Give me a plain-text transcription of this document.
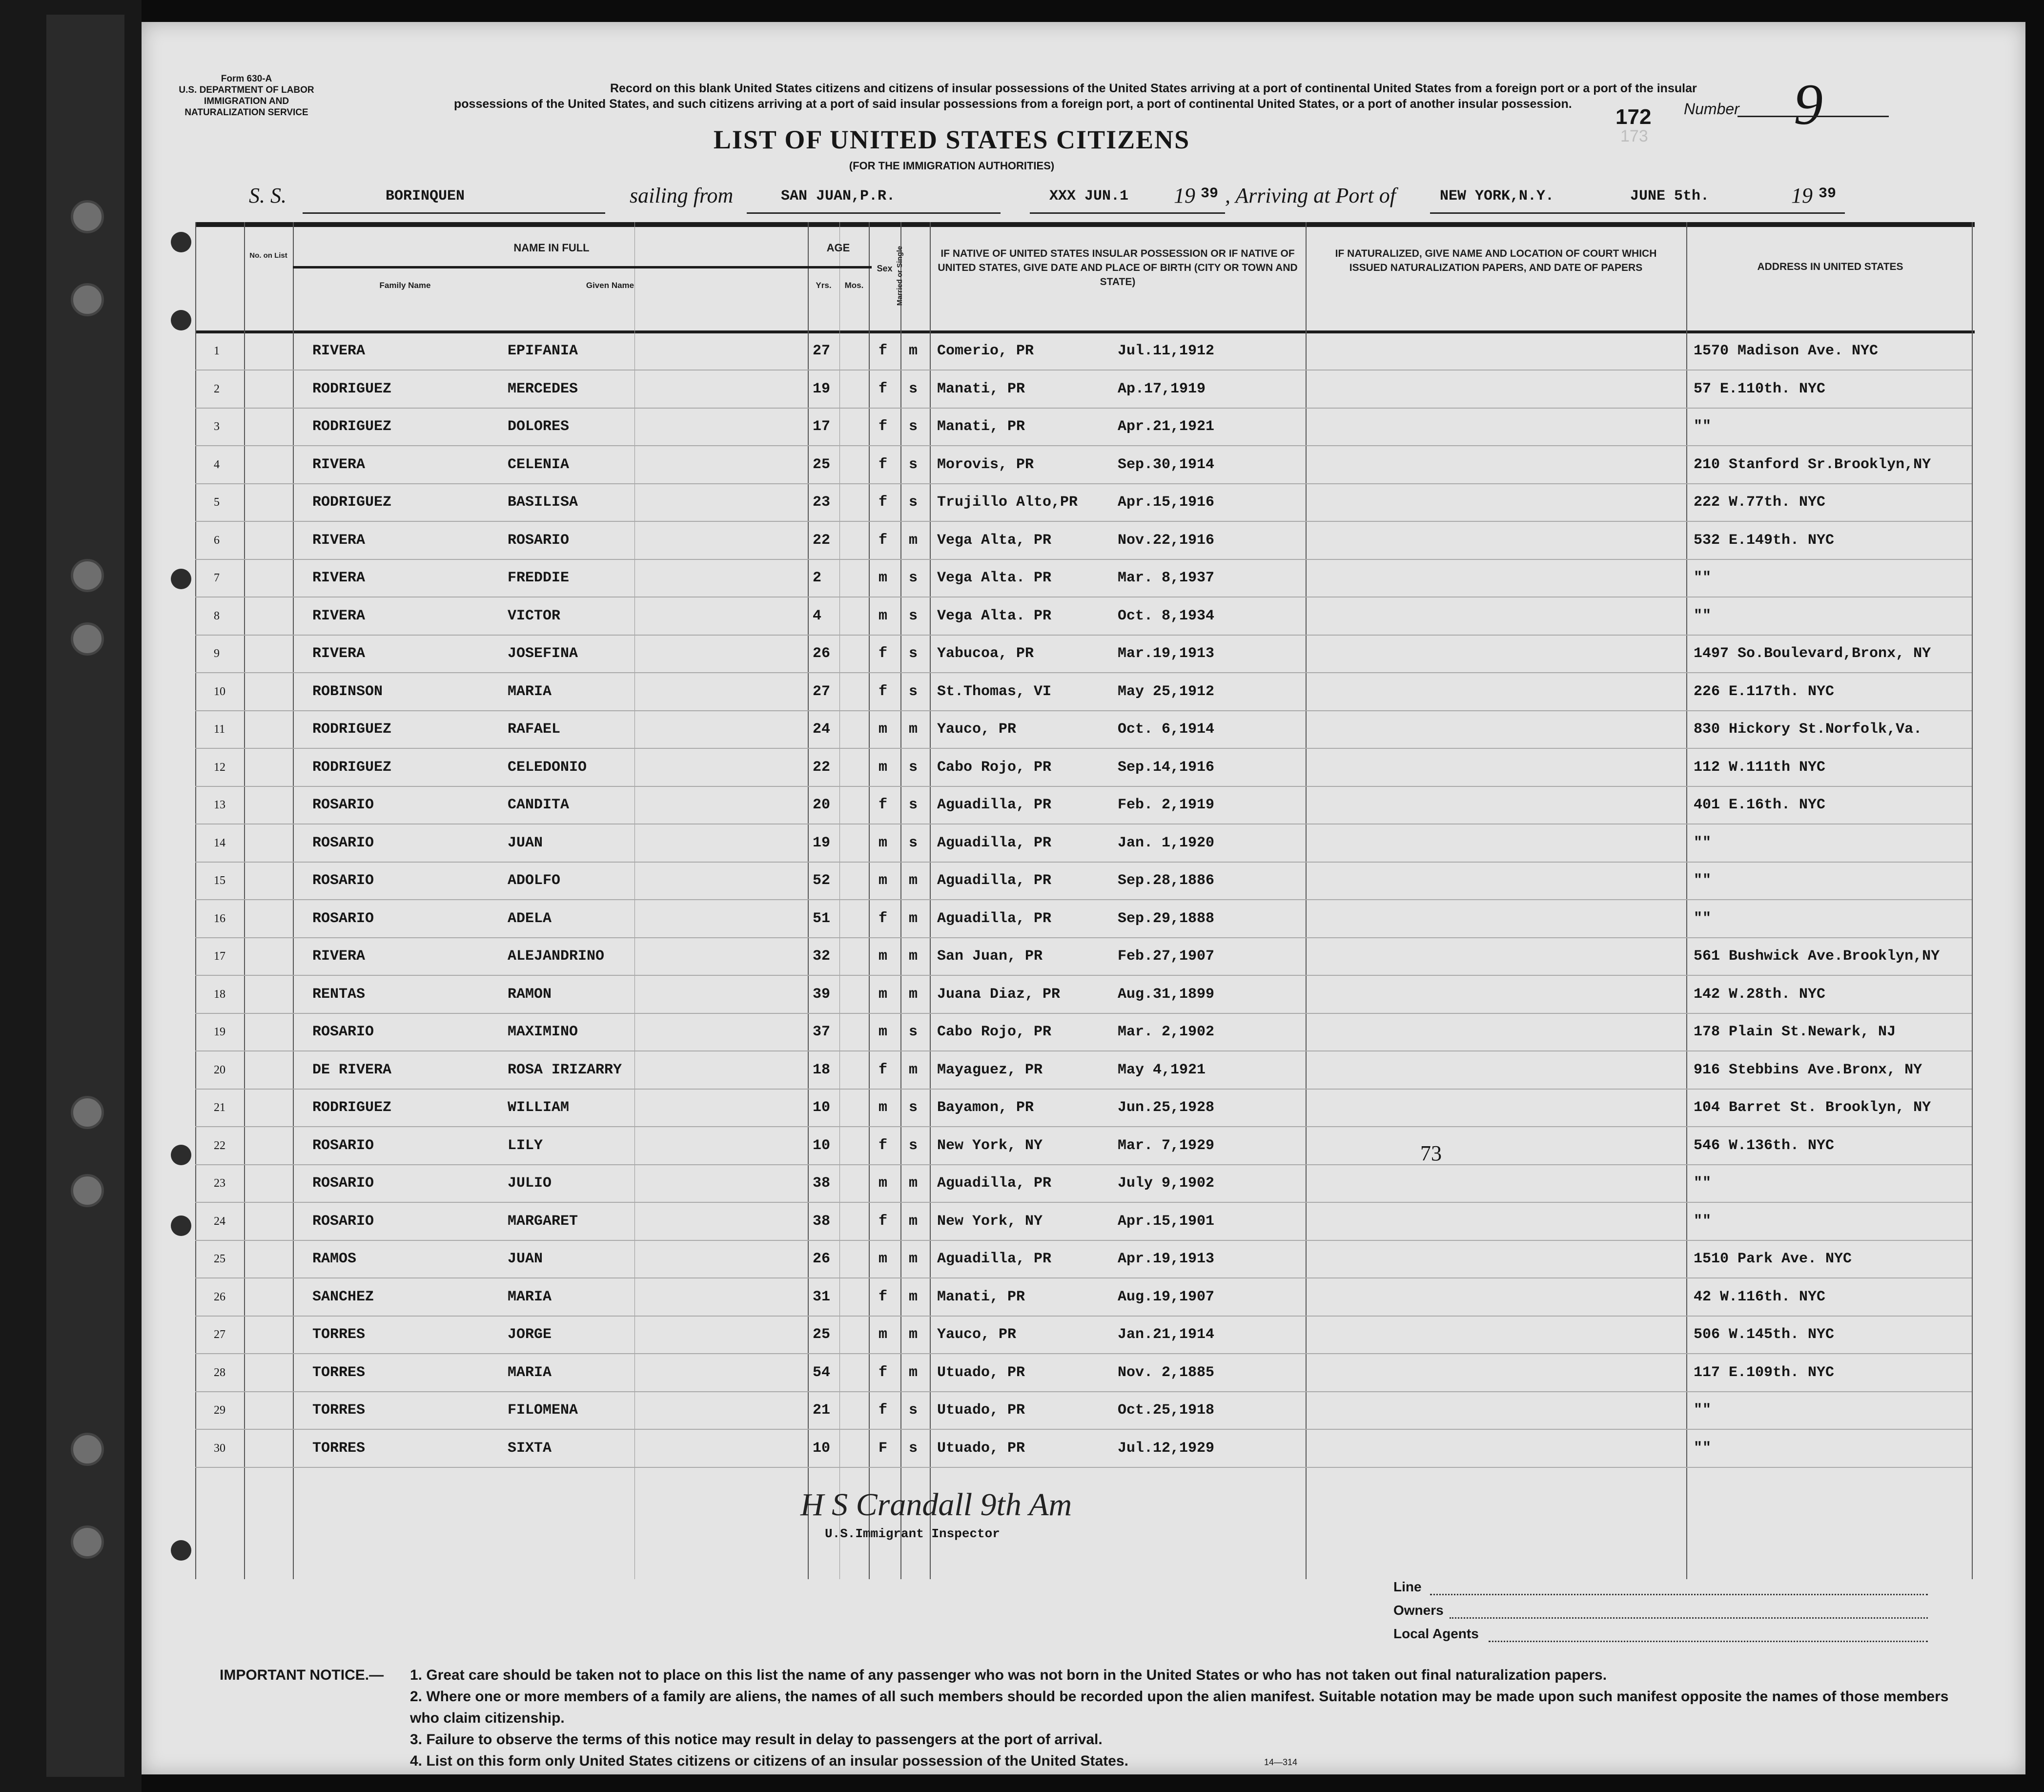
Form 630-A
U.S. DEPARTMENT OF LABOR
IMMIGRATION AND
NATURALIZATION SERVICE
Record on this blank United States citizens and citizens of insular possessions of the United States arriving at a port of continental United States from a foreign port or a port of the insular possessions of the United States, and such citizens arriving at a port of said insular possessions from a foreign port, a port of continental United States, or a port of another insular possession.
172 Number 9
173
LIST OF UNITED STATES CITIZENS
(FOR THE IMMIGRATION AUTHORITIES)
S. S.	BORINQUEN	sailing from	SAN JUAN,P.R.	XXX JUN.1 19 39 , Arriving at Port of	NEW YORK,N.Y.	JUNE 5th.	19 39
No. on List
NAME IN FULL
Family Name	Given Name
AGE
Yrs.	Mos.
Sex Married or Single	IF NATIVE OF UNITED STATES INSULAR POSSESSION OR IF NATIVE OF UNITED STATES, GIVE DATE AND PLACE OF BIRTH (CITY OR TOWN AND STATE)
IF NATURALIZED, GIVE NAME AND LOCATION OF COURT WHICH ISSUED NATURALIZATION PAPERS, AND DATE OF PAPERS	ADDRESS IN UNITED STATES
1	RIVERA	EPIFANIA	27	f m Comerio, PR	Jul.11,1912	1570 Madison Ave. NYC
2	RODRIGUEZ	MERCEDES	19	f s Manati, PR	Ap.17,1919	57 E.110th. NYC
3	RODRIGUEZ	DOLORES	17	f s Manati, PR	Apr.21,1921	""
4	RIVERA	CELENIA	25	f s Morovis, PR	Sep.30,1914	210 Stanford Sr.Brooklyn,NY
5	RODRIGUEZ	BASILISA	23	f s Trujillo Alto,PR	Apr.15,1916	222 W.77th. NYC
6	RIVERA	ROSARIO	22	f m Vega Alta, PR	Nov.22,1916	532 E.149th. NYC
7	RIVERA	FREDDIE	2	m s Vega Alta. PR	Mar. 8,1937	""
8	RIVERA	VICTOR	4	m s Vega Alta. PR	Oct. 8,1934	""
9	RIVERA	JOSEFINA	26	f s Yabucoa, PR	Mar.19,1913	1497 So.Boulevard,Bronx, NY
10	ROBINSON	MARIA	27	f s St.Thomas, VI	May 25,1912	226 E.117th. NYC
11	RODRIGUEZ	RAFAEL	24	m m Yauco, PR	Oct. 6,1914	830 Hickory St.Norfolk,Va.
12	RODRIGUEZ	CELEDONIO	22	m s Cabo Rojo, PR	Sep.14,1916	112 W.111th NYC
13	ROSARIO	CANDITA	20	f s Aguadilla, PR	Feb. 2,1919	401 E.16th. NYC
14	ROSARIO	JUAN	19	m s Aguadilla, PR	Jan. 1,1920	""
15	ROSARIO	ADOLFO	52	m m Aguadilla, PR	Sep.28,1886	""
16	ROSARIO	ADELA	51	f m Aguadilla, PR	Sep.29,1888	""
17	RIVERA	ALEJANDRINO	32	m m San Juan, PR	Feb.27,1907	561 Bushwick Ave.Brooklyn,NY
18	RENTAS	RAMON	39	m m Juana Diaz, PR	Aug.31,1899	142 W.28th. NYC
19	ROSARIO	MAXIMINO	37	m s Cabo Rojo, PR	Mar. 2,1902	178 Plain St.Newark, NJ
20	DE RIVERA	ROSA IRIZARRY	18	f m Mayaguez, PR	May 4,1921	916 Stebbins Ave.Bronx, NY
21	RODRIGUEZ	WILLIAM	10	m s Bayamon, PR	Jun.25,1928	104 Barret St. Brooklyn, NY
22	ROSARIO	LILY	10	f s New York, NY	Mar. 7,1929	546 W.136th. NYC
23	ROSARIO	JULIO	38	m m Aguadilla, PR	July 9,1902	""
24	ROSARIO	MARGARET	38	f m New York, NY	Apr.15,1901	""
25	RAMOS	JUAN	26	m m Aguadilla, PR	Apr.19,1913	1510 Park Ave. NYC
26	SANCHEZ	MARIA	31	f m Manati, PR	Aug.19,1907	42 W.116th. NYC
27	TORRES	JORGE	25	m m Yauco, PR	Jan.21,1914	506 W.145th. NYC
28	TORRES	MARIA	54	f m Utuado, PR	Nov. 2,1885	117 E.109th. NYC
29	TORRES	FILOMENA	21	f s Utuado, PR	Oct.25,1918	""
30	TORRES	SIXTA	10	F s Utuado, PR	Jul.12,1929	""
73
H S Crandall 9th Am
U.S.Immigrant Inspector
Line
Owners
Local Agents
IMPORTANT NOTICE.— 1. Great care should be taken not to place on this list the name of any passenger who was not born in the United States or who has not taken out final naturalization papers.
2. Where one or more members of a family are aliens, the names of all such members should be recorded upon the alien manifest. Suitable notation may be made upon such manifest opposite the names of those members who claim citizenship.
3. Failure to observe the terms of this notice may result in delay to passengers at the port of arrival.
4. List on this form only United States citizens or citizens of an insular possession of the United States.	14—314
